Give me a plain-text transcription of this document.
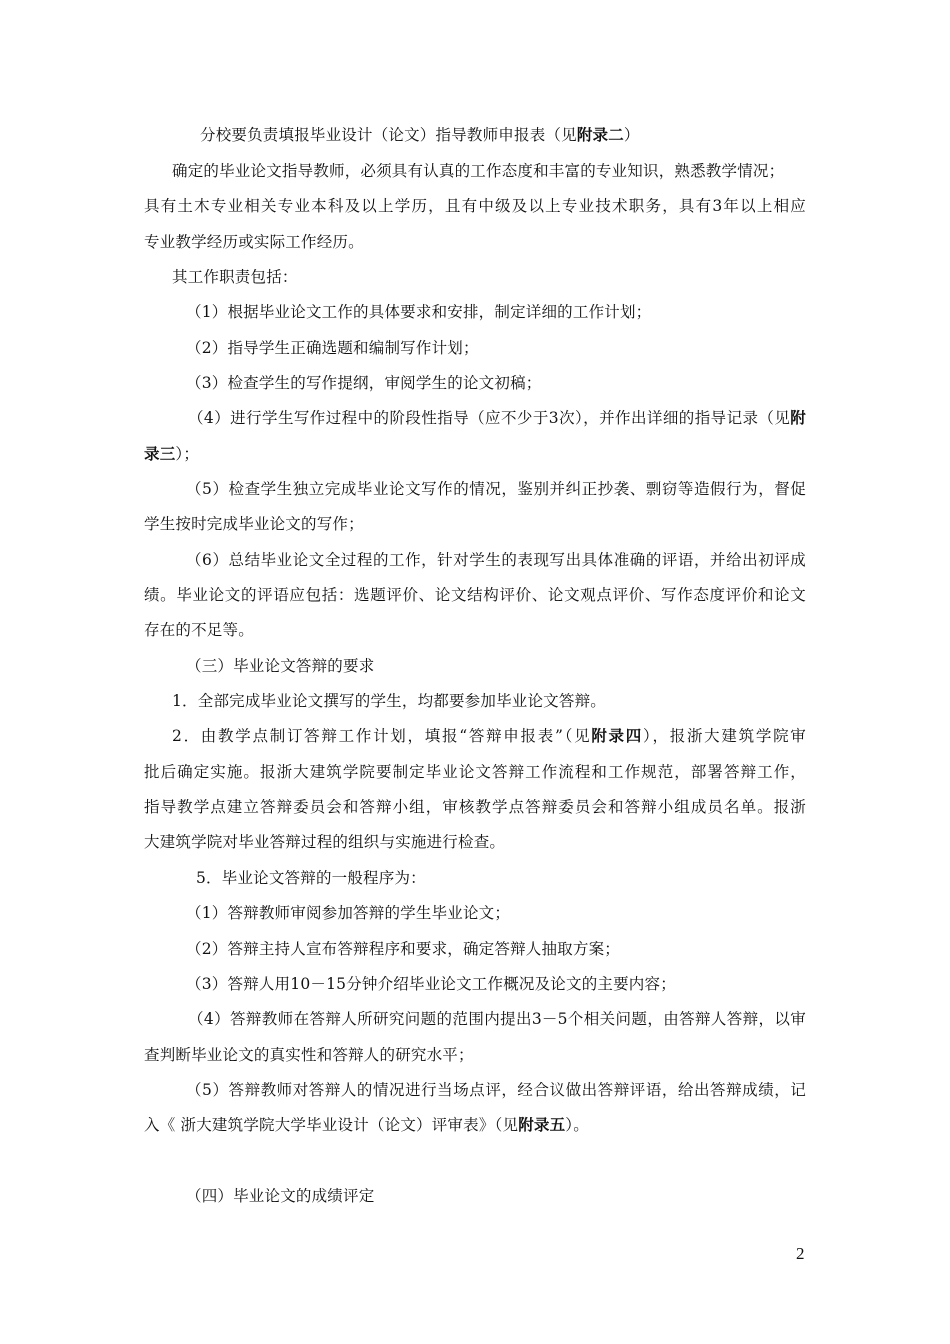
分校要负责填报毕业设计（论文）指导教师申报表（见附录二）
确定的毕业论文指导教师，必须具有认真的工作态度和丰富的专业知识，熟悉教学情况；
具有土木专业相关专业本科及以上学历，且有中级及以上专业技术职务，具有3年以上相应
专业教学经历或实际工作经历。
其工作职责包括：
（1）根据毕业论文工作的具体要求和安排，制定详细的工作计划；
（2）指导学生正确选题和编制写作计划；
（3）检查学生的写作提纲，审阅学生的论文初稿；
（4）进行学生写作过程中的阶段性指导（应不少于3次），并作出详细的指导记录（见附
录三）；
（5）检查学生独立完成毕业论文写作的情况，鉴别并纠正抄袭、剽窃等造假行为，督促
学生按时完成毕业论文的写作；
（6）总结毕业论文全过程的工作，针对学生的表现写出具体准确的评语，并给出初评成
绩。毕业论文的评语应包括：选题评价、论文结构评价、论文观点评价、写作态度评价和论文
存在的不足等。
（三）毕业论文答辩的要求
1．全部完成毕业论文撰写的学生，均都要参加毕业论文答辩。
2．由教学点制订答辩工作计划，填报“答辩申报表”（见附录四），报浙大建筑学院审
批后确定实施。报浙大建筑学院要制定毕业论文答辩工作流程和工作规范，部署答辩工作，
指导教学点建立答辩委员会和答辩小组，审核教学点答辩委员会和答辩小组成员名单。报浙
大建筑学院对毕业答辩过程的组织与实施进行检查。
5．毕业论文答辩的一般程序为：
（1）答辩教师审阅参加答辩的学生毕业论文；
（2）答辩主持人宣布答辩程序和要求，确定答辩人抽取方案；
（3）答辩人用10－15分钟介绍毕业论文工作概况及论文的主要内容；
（4）答辩教师在答辩人所研究问题的范围内提出3－5个相关问题，由答辩人答辩，以审
查判断毕业论文的真实性和答辩人的研究水平；
（5）答辩教师对答辩人的情况进行当场点评，经合议做出答辩评语，给出答辩成绩，记
入《 浙大建筑学院大学毕业设计（论文）评审表》（见附录五）。
（四）毕业论文的成绩评定
2
